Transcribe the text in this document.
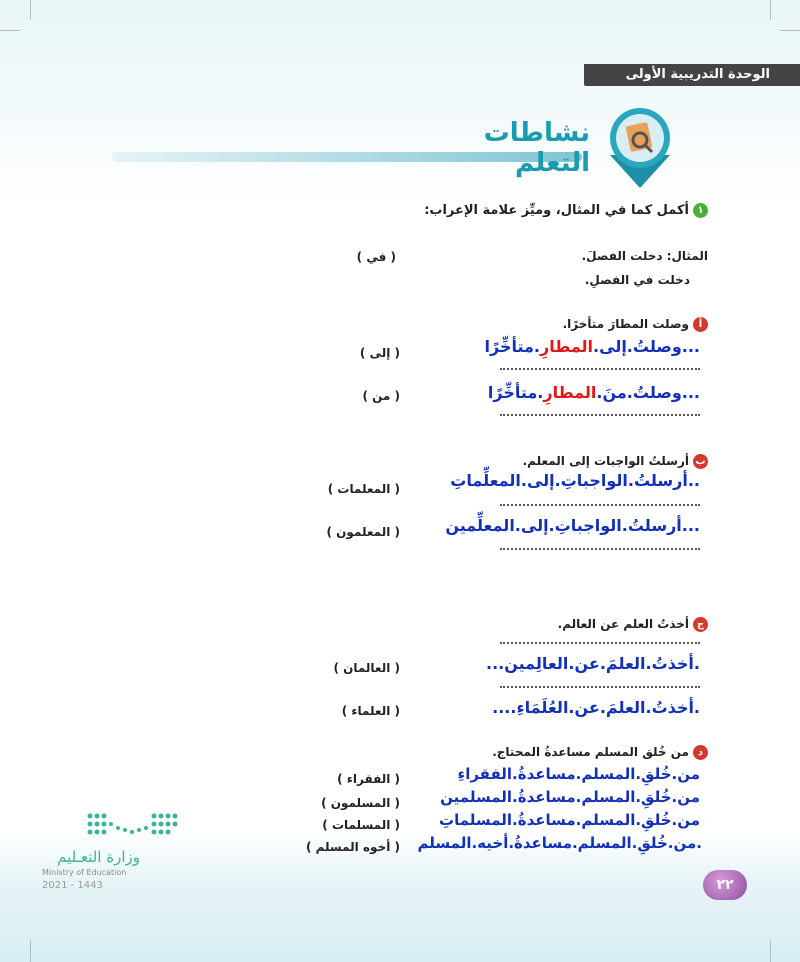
الوحدة التدريبية الأولى
نشاطات التعلم
١أكمل كما في المثال، وميِّز علامة الإعراب:
المثال: دخلت الفصلَ.
دخلت في الفصلِ.
( في )
أوصلت المطارَ متأخرًا.
...وصلتُ.إلى.المطارِ.متأخِّرًا
( إلى )
...وصلتُ.منَ.المطارِ.متأخِّرًا
( من )
بأرسلتُ الواجبات إلى المعلم.
..أرسلتُ.الواجباتِ.إلى.المعلِّماتِ
( المعلمات )
...أرسلتُ.الواجباتِ.إلى.المعلِّمين
( المعلمون )
جأخذتُ العلم عن العالم.
.أخذتُ.العلمَ.عن.العالِمين...
( العالمان )
.أخذتُ.العلمَ.عن.العُلَمَاءِ....
( العلماء )
دمن خُلق المسلم مساعدةُ المحتاج.
من.خُلقِ.المسلم.مساعدةُ.الفقراءِ
( الفقراء )
من.خُلقِ.المسلم.مساعدةُ.المسلمين
( المسلمون )
من.خُلقِ.المسلم.مساعدةُ.المسلماتِ
( المسلمات )
.من.خُلقِ.المسلم.مساعدةُ.أخيه.المسلم
( أخوه المسلم )
وزارة التعـليم
Ministry of Education
2021 - 1443	٢٢
